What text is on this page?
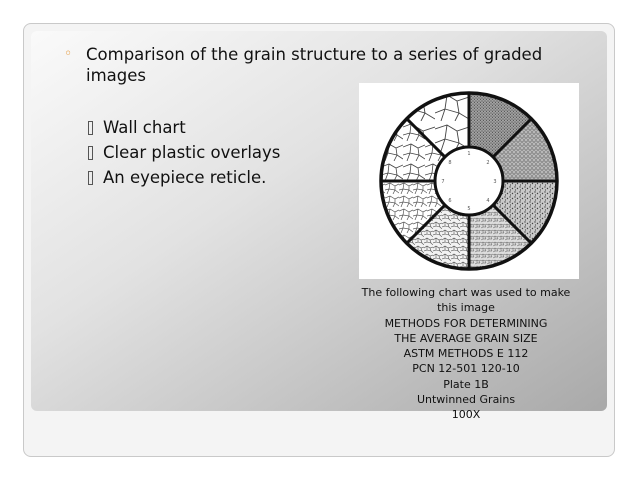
◦ Comparison of the grain structure to a series of graded images
Wall chart
Clear plastic overlays
An eyepiece reticle.
1
2
3
4
5
6
7
8
The following chart was used to make
this image
METHODS FOR DETERMINING
THE AVERAGE GRAIN SIZE
ASTM METHODS E 112
PCN 12-501 120-10
Plate 1B
Untwinned Grains
100X
